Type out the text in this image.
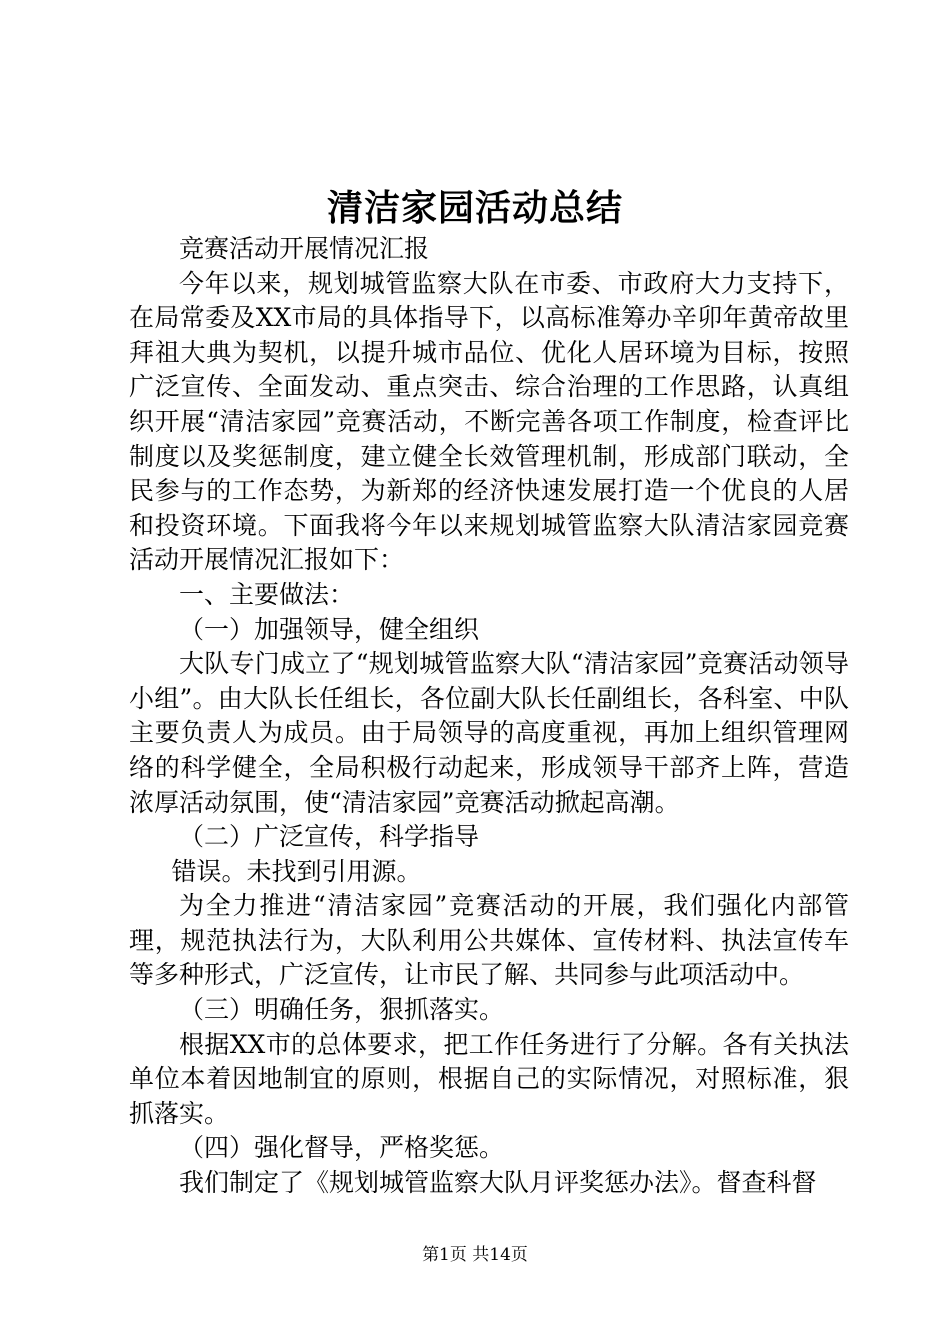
清洁家园活动总结

竞赛活动开展情况汇报

今年以来，规划城管监察大队在市委、市政府大力支持下，在局常委及XX市局的具体指导下，以高标准筹办辛卯年黄帝故里拜祖大典为契机，以提升城市品位、优化人居环境为目标，按照广泛宣传、全面发动、重点突击、综合治理的工作思路，认真组织开展“清洁家园”竞赛活动，不断完善各项工作制度，检查评比制度以及奖惩制度，建立健全长效管理机制，形成部门联动，全民参与的工作态势，为新郑的经济快速发展打造一个优良的人居和投资环境。下面我将今年以来规划城管监察大队清洁家园竞赛活动开展情况汇报如下：

一、主要做法：

（一）加强领导，健全组织

大队专门成立了“规划城管监察大队“清洁家园”竞赛活动领导小组”。由大队长任组长，各位副大队长任副组长，各科室、中队主要负责人为成员。由于局领导的高度重视，再加上组织管理网络的科学健全，全局积极行动起来，形成领导干部齐上阵，营造浓厚活动氛围，使“清洁家园”竞赛活动掀起高潮。

（二）广泛宣传，科学指导

错误。未找到引用源。

为全力推进“清洁家园”竞赛活动的开展，我们强化内部管理，规范执法行为，大队利用公共媒体、宣传材料、执法宣传车等多种形式，广泛宣传，让市民了解、共同参与此项活动中。

（三）明确任务，狠抓落实。

根据XX市的总体要求，把工作任务进行了分解。各有关执法单位本着因地制宜的原则，根据自己的实际情况，对照标准，狠抓落实。

（四）强化督导，严格奖惩。

我们制定了《规划城管监察大队月评奖惩办法》。督查科督

第1页 共14页
